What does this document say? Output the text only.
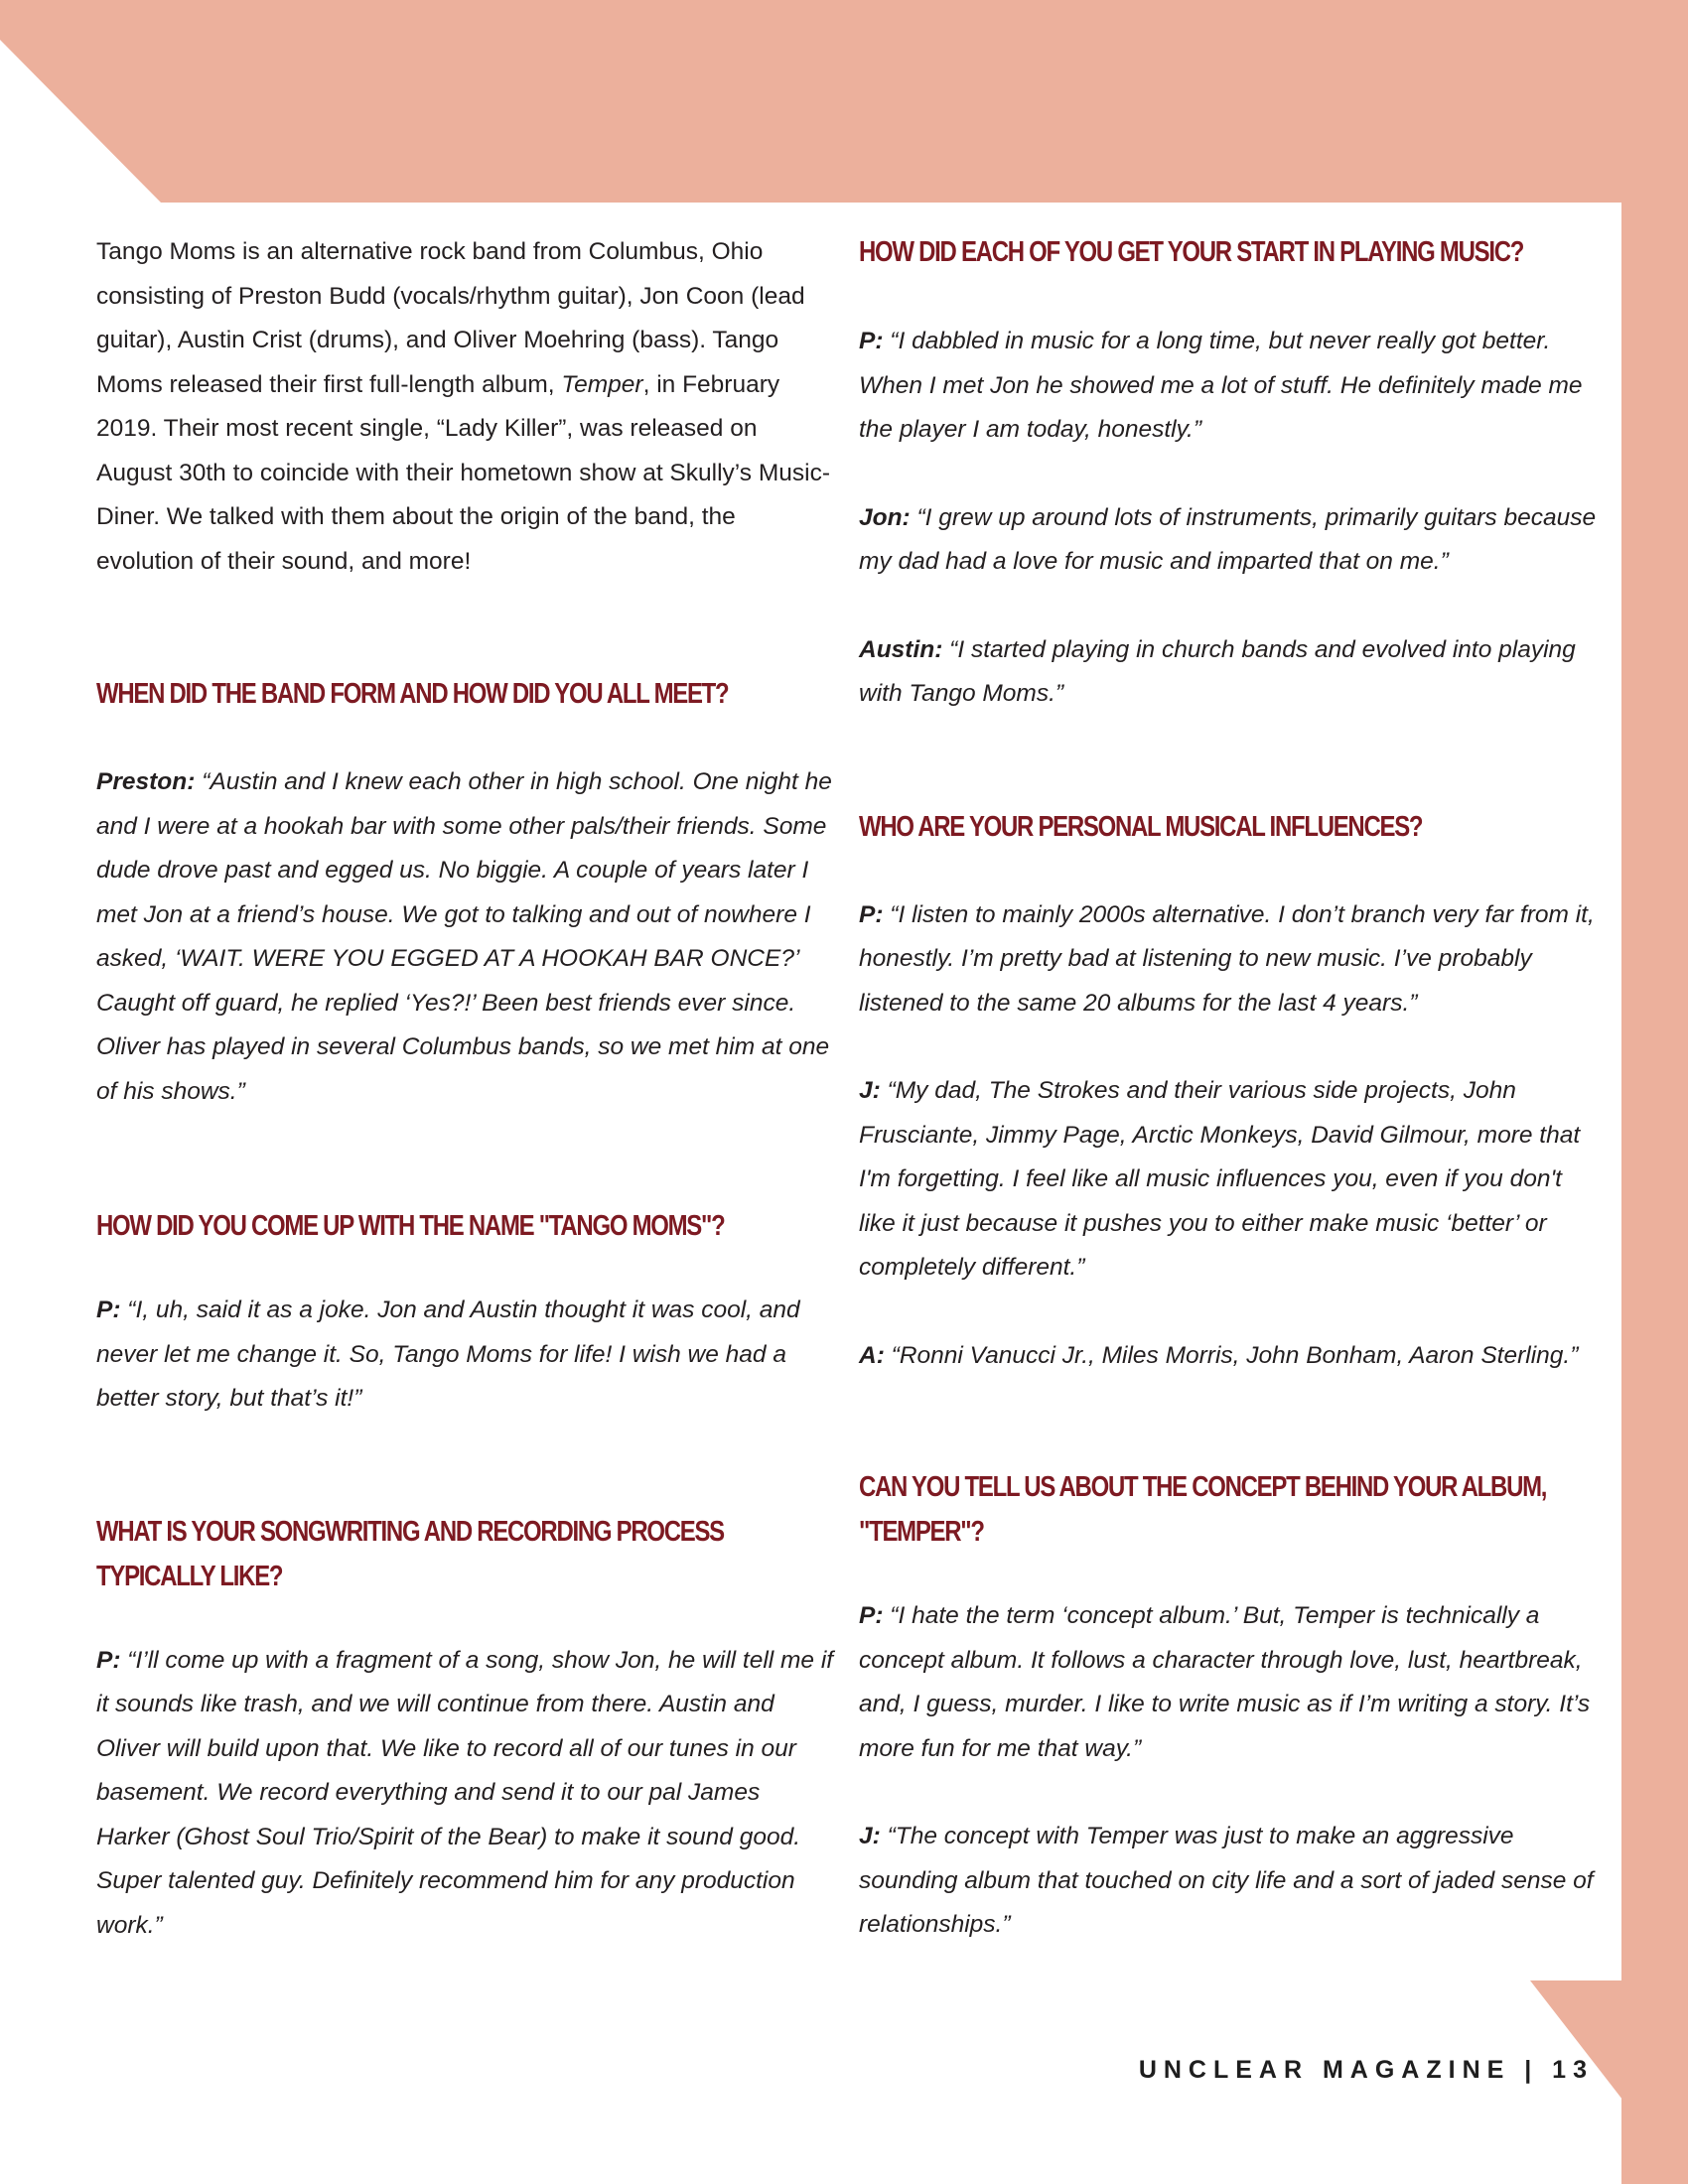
Tango Moms is an alternative rock band from Columbus, Ohio consisting of Preston Budd (vocals/rhythm guitar), Jon Coon (lead guitar), Austin Crist (drums), and Oliver Moehring (bass). Tango Moms released their first full-length album, Temper, in February 2019. Their most recent single, “Lady Killer”, was released on August 30th to coincide with their hometown show at Skully’s Music-Diner. We talked with them about the origin of the band, the evolution of their sound, and more!

WHEN DID THE BAND FORM AND HOW DID YOU ALL MEET?

Preston: “Austin and I knew each other in high school. One night he and I were at a hookah bar with some other pals/their friends. Some dude drove past and egged us. No biggie. A couple of years later I met Jon at a friend’s house. We got to talking and out of nowhere I asked, ‘WAIT. WERE YOU EGGED AT A HOOKAH BAR ONCE?’ Caught off guard, he replied ‘Yes?!’ Been best friends ever since. Oliver has played in several Columbus bands, so we met him at one of his shows.”

HOW DID YOU COME UP WITH THE NAME "TANGO MOMS"?

P: “I, uh, said it as a joke. Jon and Austin thought it was cool, and never let me change it. So, Tango Moms for life! I wish we had a better story, but that’s it!”

WHAT IS YOUR SONGWRITING AND RECORDING PROCESS TYPICALLY LIKE?

P: “I’ll come up with a fragment of a song, show Jon, he will tell me if it sounds like trash, and we will continue from there. Austin and Oliver will build upon that. We like to record all of our tunes in our basement. We record everything and send it to our pal James Harker (Ghost Soul Trio/Spirit of the Bear) to make it sound good. Super talented guy. Definitely recommend him for any production work.”

HOW DID EACH OF YOU GET YOUR START IN PLAYING MUSIC?

P: “I dabbled in music for a long time, but never really got better. When I met Jon he showed me a lot of stuff. He definitely made me the player I am today, honestly.”

Jon: “I grew up around lots of instruments, primarily guitars because my dad had a love for music and imparted that on me.”

Austin: “I started playing in church bands and evolved into playing with Tango Moms.”

WHO ARE YOUR PERSONAL MUSICAL INFLUENCES?

P: “I listen to mainly 2000s alternative. I don’t branch very far from it, honestly. I’m pretty bad at listening to new music. I’ve probably listened to the same 20 albums for the last 4 years.”

J: “My dad, The Strokes and their various side projects, John Frusciante, Jimmy Page, Arctic Monkeys, David Gilmour, more that I'm forgetting. I feel like all music influences you, even if you don't like it just because it pushes you to either make music ‘better’ or completely different.”

A: “Ronni Vanucci Jr., Miles Morris, John Bonham, Aaron Sterling.”

CAN YOU TELL US ABOUT THE CONCEPT BEHIND YOUR ALBUM, "TEMPER"?

P: “I hate the term ‘concept album.’ But, Temper is technically a concept album. It follows a character through love, lust, heartbreak, and, I guess, murder. I like to write music as if I’m writing a story. It’s more fun for me that way.”

J: “The concept with Temper was just to make an aggressive sounding album that touched on city life and a sort of jaded sense of relationships.”

UNCLEAR MAGAZINE | 13
